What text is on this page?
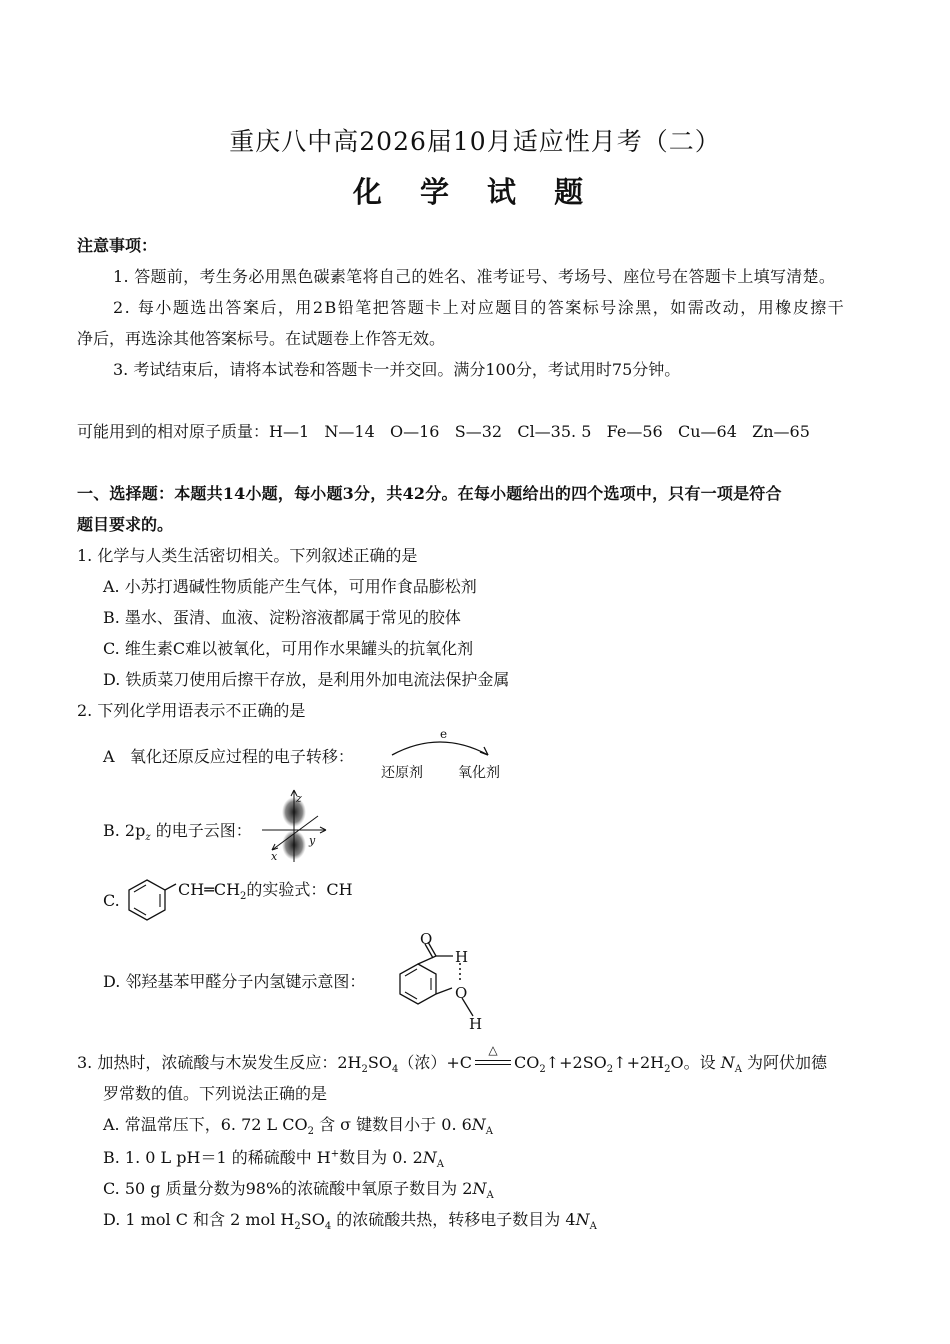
重庆八中高2026届10月适应性月考（二）
化 学 试 题
注意事项：
1. 答题前，考生务必用黑色碳素笔将自己的姓名、准考证号、考场号、座位号在答题卡上填写清楚。
2. 每小题选出答案后，用2B铅笔把答题卡上对应题目的答案标号涂黑，如需改动，用橡皮擦干
净后，再选涂其他答案标号。在试题卷上作答无效。
3. 考试结束后，请将本试卷和答题卡一并交回。满分100分，考试用时75分钟。
可能用到的相对原子质量：H—1   N—14   O—16   S—32   Cl—35. 5   Fe—56   Cu—64   Zn—65
一、选择题：本题共14小题，每小题3分，共42分。在每小题给出的四个选项中，只有一项是符合
题目要求的。
1. 化学与人类生活密切相关。下列叙述正确的是
A. 小苏打遇碱性物质能产生气体，可用作食品膨松剂
B. 墨水、蛋清、血液、淀粉溶液都属于常见的胶体
C. 维生素C难以被氧化，可用作水果罐头的抗氧化剂
D. 铁质菜刀使用后擦干存放，是利用外加电流法保护金属
2. 下列化学用语表示不正确的是
A   氧化还原反应过程的电子转移：
e
还原剂	氧化剂
B. $2p_z$ 的电子云图：
z
y
x
C.
$CH═CH_2$的实验式：CH
D. 邻羟基苯甲醛分子内氢键示意图：
O
H
O
H
3. 加热时，浓硫酸与木炭发生反应：$2H_2SO_4$（浓）+C
△
$CO_2↑+2SO_2↑+2H_2O$。设 $N_A$ 为阿伏加德
罗常数的值。下列说法正确的是
A. 常温常压下，6. 72 L $CO_2$ 含 σ 键数目小于 0. $6N_A$
B. 1. 0 L pH＝1 的稀硫酸中 H+数目为 0. $2N_A$
C. 50 g 质量分数为98%的浓硫酸中氧原子数目为 $2N_A$
D. 1 mol C 和含 2 mol $H_2SO_4$ 的浓硫酸共热，转移电子数目为 $4N_A$
